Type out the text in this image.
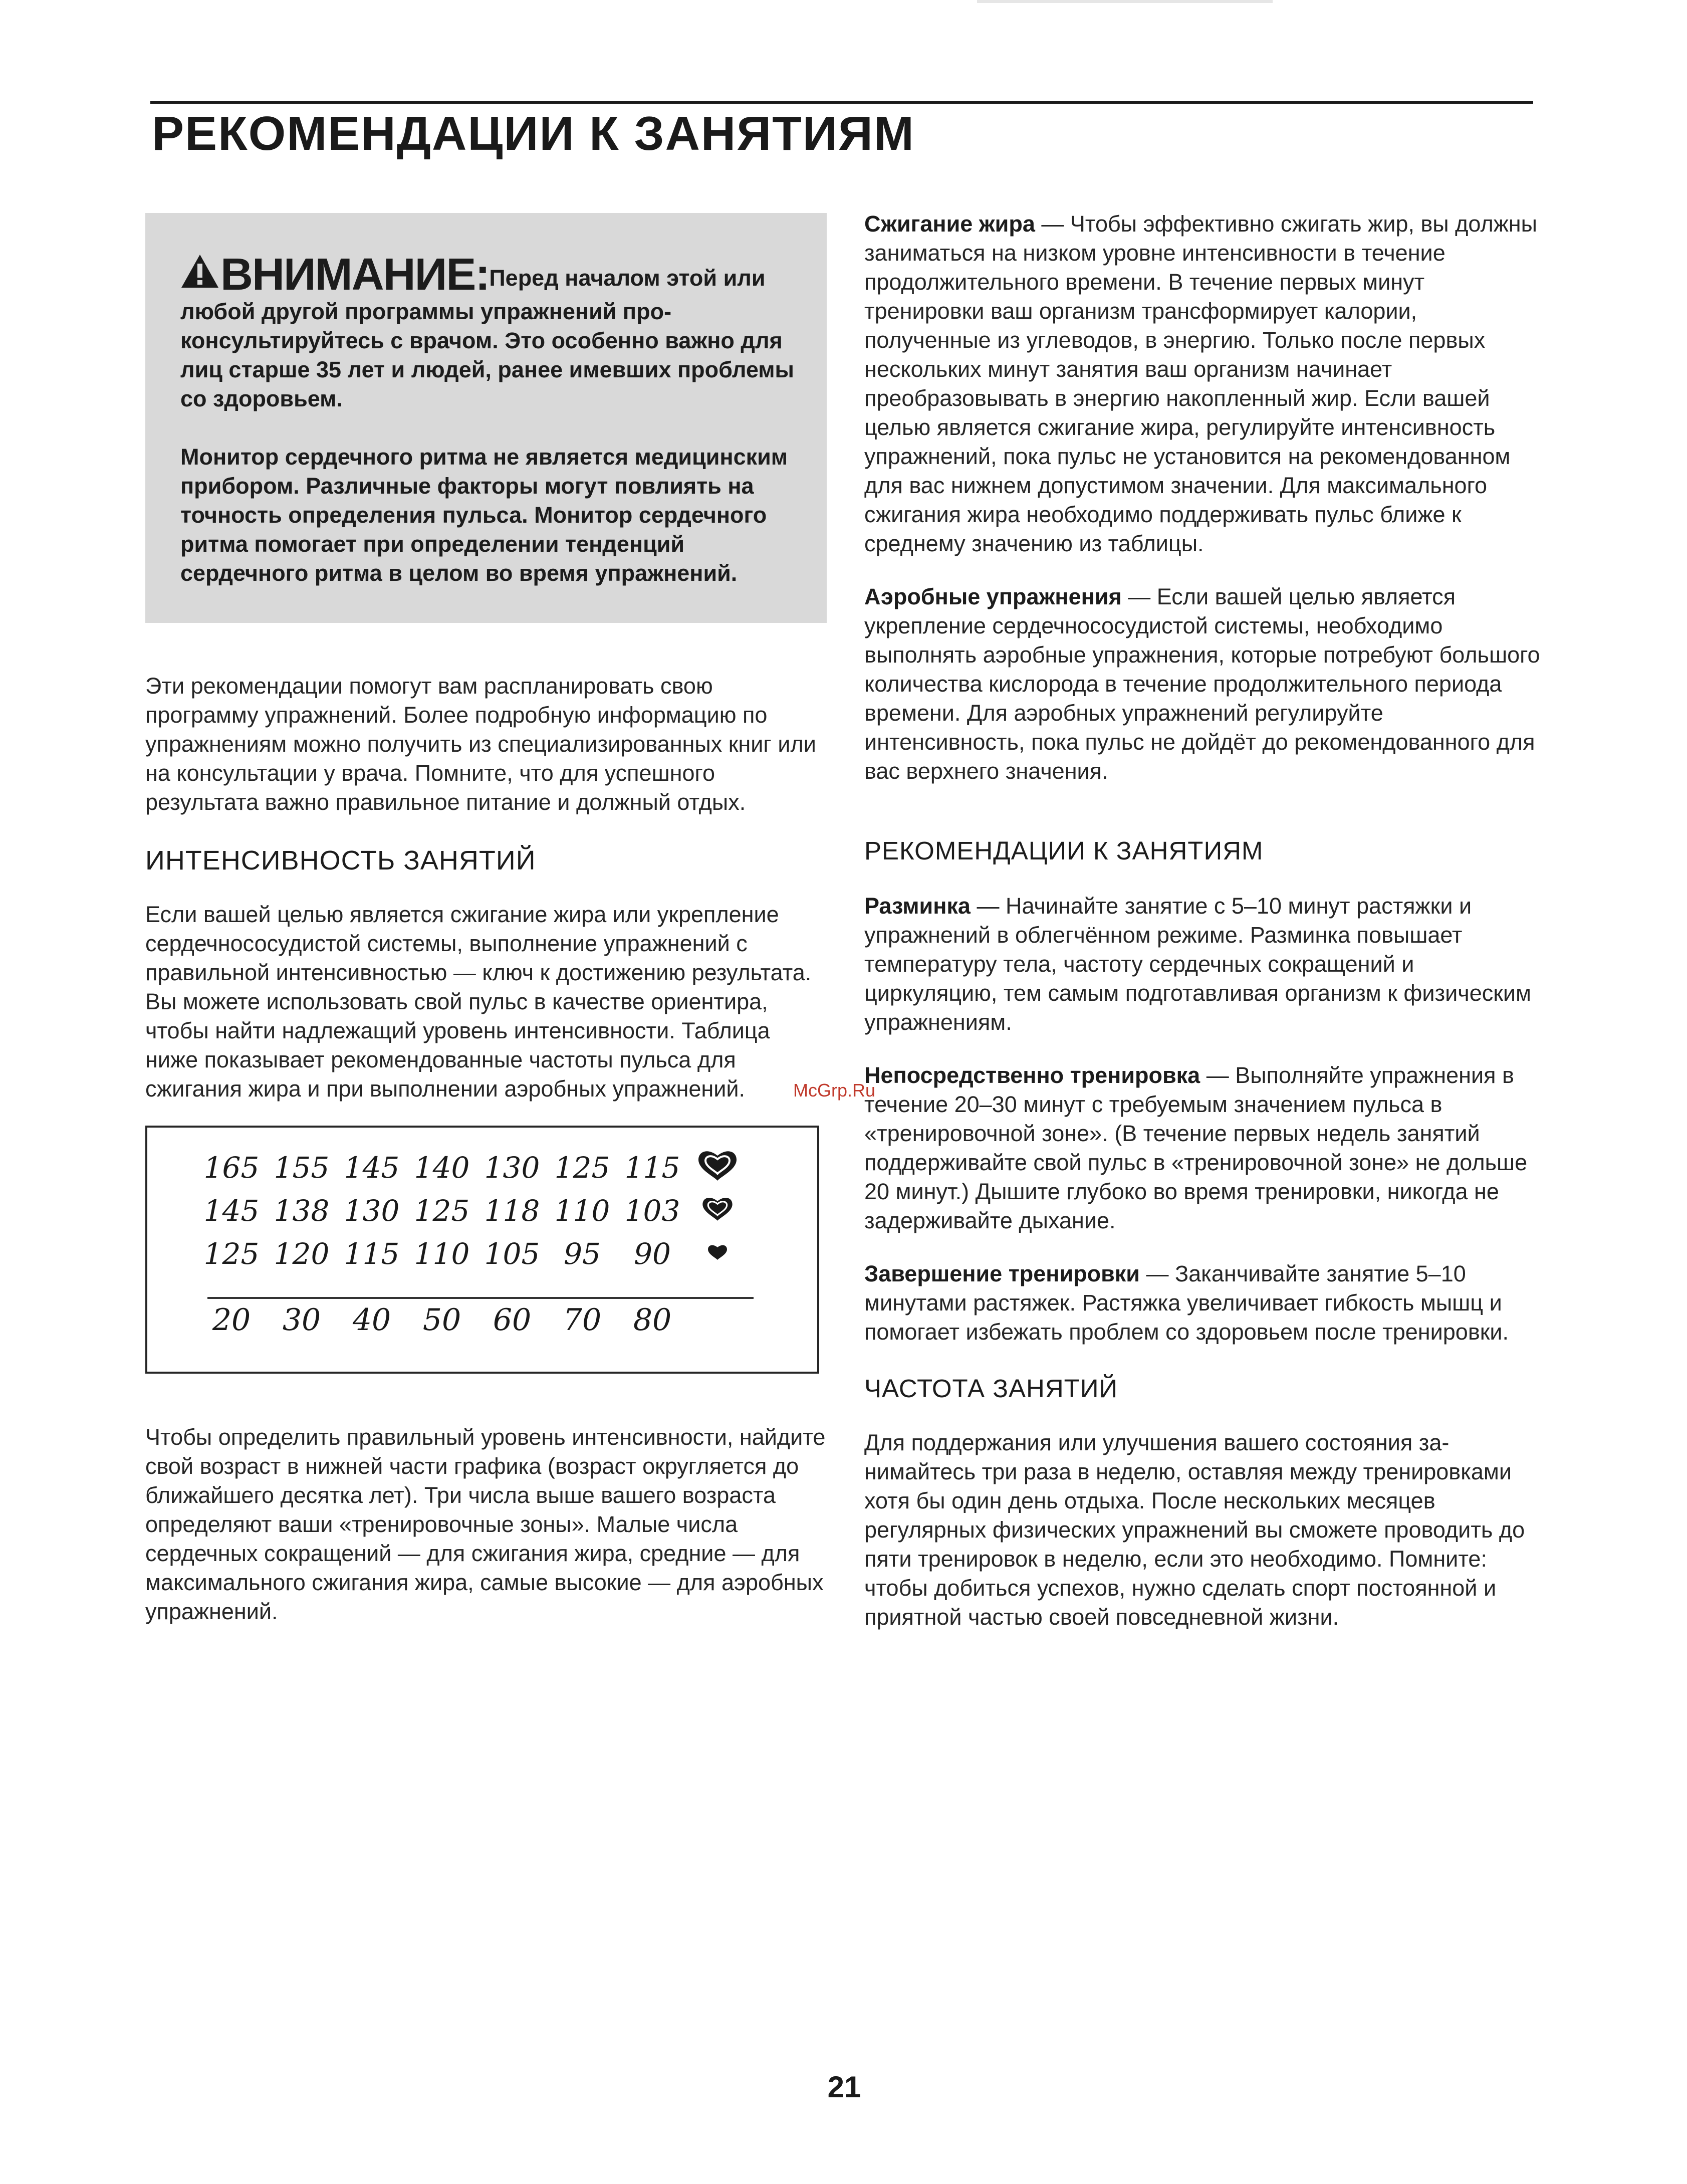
РЕКОМЕНДАЦИИ К ЗАНЯТИЯМ

ВНИМАНИЕ:Перед началом этой или любой другой программы упражнений проконсультируйтесь с врачом. Это особенно важно для лиц старше 35 лет и людей, ранее имевших проблемы со здоровьем.

Монитор сердечного ритма не является медицинским прибором. Различные факторы могут повлиять на точность определения пульса. Монитор сердечного ритма помогает при определении тенденций сердечного ритма в целом во время упражнений.

Эти рекомендации помогут вам распланировать свою программу упражнений. Более подробную информацию по упражнениям можно получить из специализированных книг или на консультации у врача. Помните, что для успешного результата важно правильное питание и должный отдых.

ИНТЕНСИВНОСТЬ ЗАНЯТИЙ

Если вашей целью является сжигание жира или укрепление сердечнососудистой системы, выполнение упражнений с правильной интенсивностью — ключ к достижению результата. Вы можете использовать свой пульс в качестве ориентира, чтобы найти надлежащий уровень интенсивности. Таблица ниже показывает рекомендованные частоты пульса для сжигания жира и при выполнении аэробных упражнений.

165 155 145 140 130 125 115
145 138 130 125 118 110 103
125 120 115 110 105 95 90
20 30 40 50 60 70 80

Чтобы определить правильный уровень интенсивности, найдите свой возраст в нижней части графика (возраст округляется до ближайшего десятка лет). Три числа выше вашего возраста определяют ваши «тренировочные зоны». Малые числа сердечных сокращений — для сжигания жира, средние — для максимального сжигания жира, самые высокие — для аэробных упражнений.

Сжигание жира — Чтобы эффективно сжигать жир, вы должны заниматься на низком уровне интенсивности в течение продолжительного времени. В течение первых минут тренировки ваш организм трансформирует калории, полученные из углеводов, в энергию. Только после первых нескольких минут занятия ваш организм начинает преобразовывать в энергию накопленный жир. Если вашей целью является сжигание жира, регулируйте интенсивность упражнений, пока пульс не установится на рекомендованном для вас нижнем допустимом значении. Для максимального сжигания жира необходимо поддерживать пульс ближе к среднему значению из таблицы.

Аэробные упражнения — Если вашей целью является укрепление сердечнососудистой системы, необходимо выполнять аэробные упражнения, которые потребуют большого количества кислорода в течение продолжительного периода времени. Для аэробных упражнений регулируйте интенсивность, пока пульс не дойдёт до рекомендованного для вас верхнего значения.

РЕКОМЕНДАЦИИ К ЗАНЯТИЯМ

Разминка — Начинайте занятие с 5–10 минут растяжки и упражнений в облегчённом режиме. Разминка повышает температуру тела, частоту сердечных сокращений и циркуляцию, тем самым подготавливая организм к физическим упражнениям.

Непосредственно тренировка — Выполняйте упражнения в течение 20–30 минут с требуемым значением пульса в «тренировочной зоне». (В течение первых недель занятий поддерживайте свой пульс в «тренировочной зоне» не дольше 20 минут.) Дышите глубоко во время тренировки, никогда не задерживайте дыхание.

Завершение тренировки — Заканчивайте занятие 5–10 минутами растяжек. Растяжка увеличивает гибкость мышц и помогает избежать проблем со здоровьем после тренировки.

ЧАСТОТА ЗАНЯТИЙ

Для поддержания или улучшения вашего состояния занимайтесь три раза в неделю, оставляя между тренировками хотя бы один день отдыха. После нескольких месяцев регулярных физических упражнений вы сможете проводить до пяти тренировок в неделю, если это необходимо. Помните: чтобы добиться успехов, нужно сделать спорт постоянной и приятной частью своей повседневной жизни.

McGrp.Ru
21
